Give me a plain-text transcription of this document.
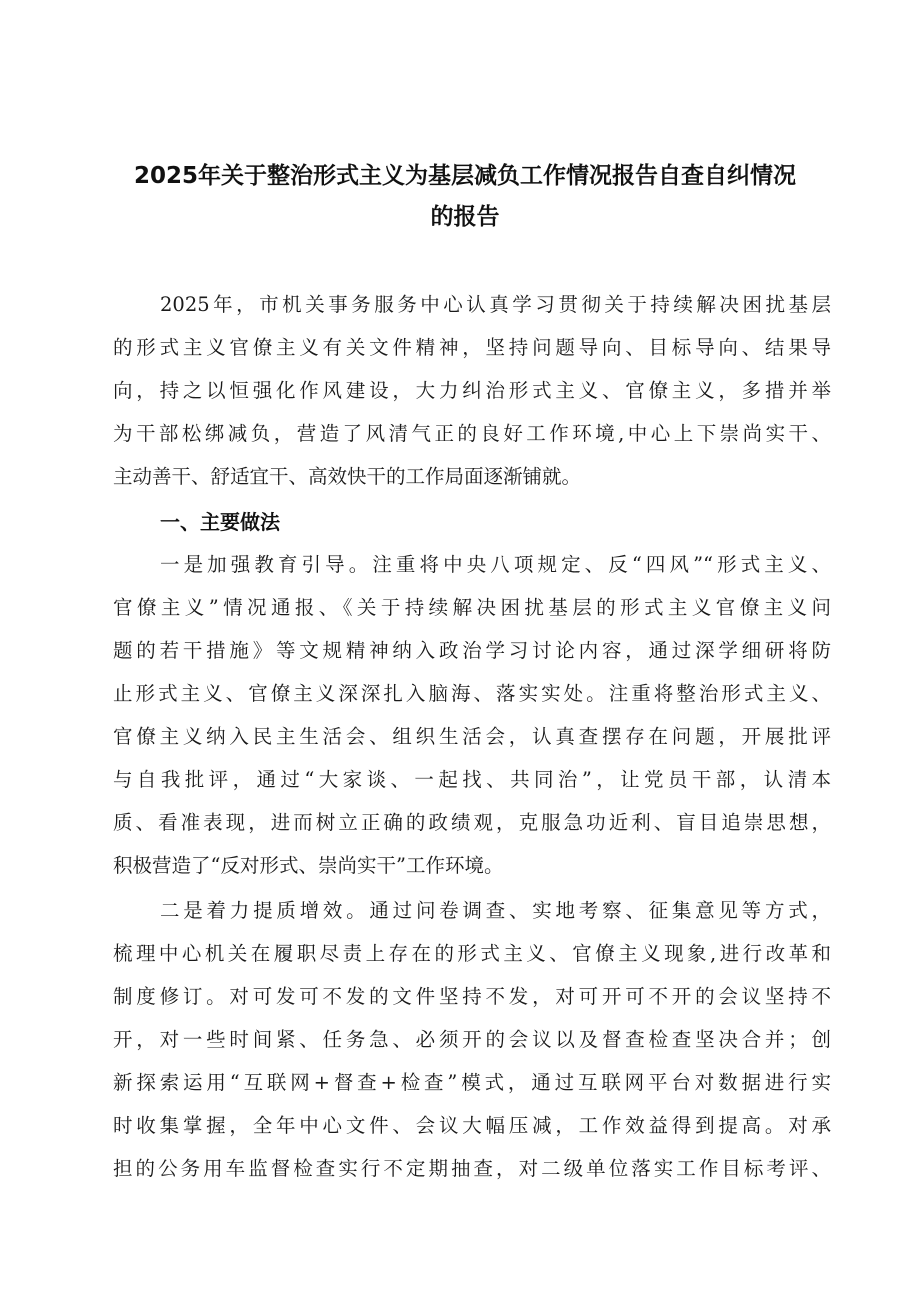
2025年关于整治形式主义为基层减负工作情况报告自查自纠情况
的报告
2025年，市机关事务服务中心认真学习贯彻关于持续解决困扰基层
的形式主义官僚主义有关文件精神，坚持问题导向、目标导向、结果导
向，持之以恒强化作风建设，大力纠治形式主义、官僚主义，多措并举
为干部松绑减负，营造了风清气正的良好工作环境,中心上下崇尚实干、
主动善干、舒适宜干、高效快干的工作局面逐渐铺就。
一、主要做法
一是加强教育引导。注重将中央八项规定、反“四风”“形式主义、
官僚主义”情况通报、《关于持续解决困扰基层的形式主义官僚主义问
题的若干措施》等文规精神纳入政治学习讨论内容，通过深学细研将防
止形式主义、官僚主义深深扎入脑海、落实实处。注重将整治形式主义、
官僚主义纳入民主生活会、组织生活会，认真查摆存在问题，开展批评
与自我批评，通过“大家谈、一起找、共同治”，让党员干部，认清本
质、看准表现，进而树立正确的政绩观，克服急功近利、盲目追崇思想，
积极营造了“反对形式、崇尚实干”工作环境。
二是着力提质增效。通过问卷调查、实地考察、征集意见等方式，
梳理中心机关在履职尽责上存在的形式主义、官僚主义现象,进行改革和
制度修订。对可发可不发的文件坚持不发，对可开可不开的会议坚持不
开，对一些时间紧、任务急、必须开的会议以及督查检查坚决合并；创
新探索运用“互联网+督查+检查”模式，通过互联网平台对数据进行实
时收集掌握，全年中心文件、会议大幅压减，工作效益得到提高。对承
担的公务用车监督检查实行不定期抽查，对二级单位落实工作目标考评、
